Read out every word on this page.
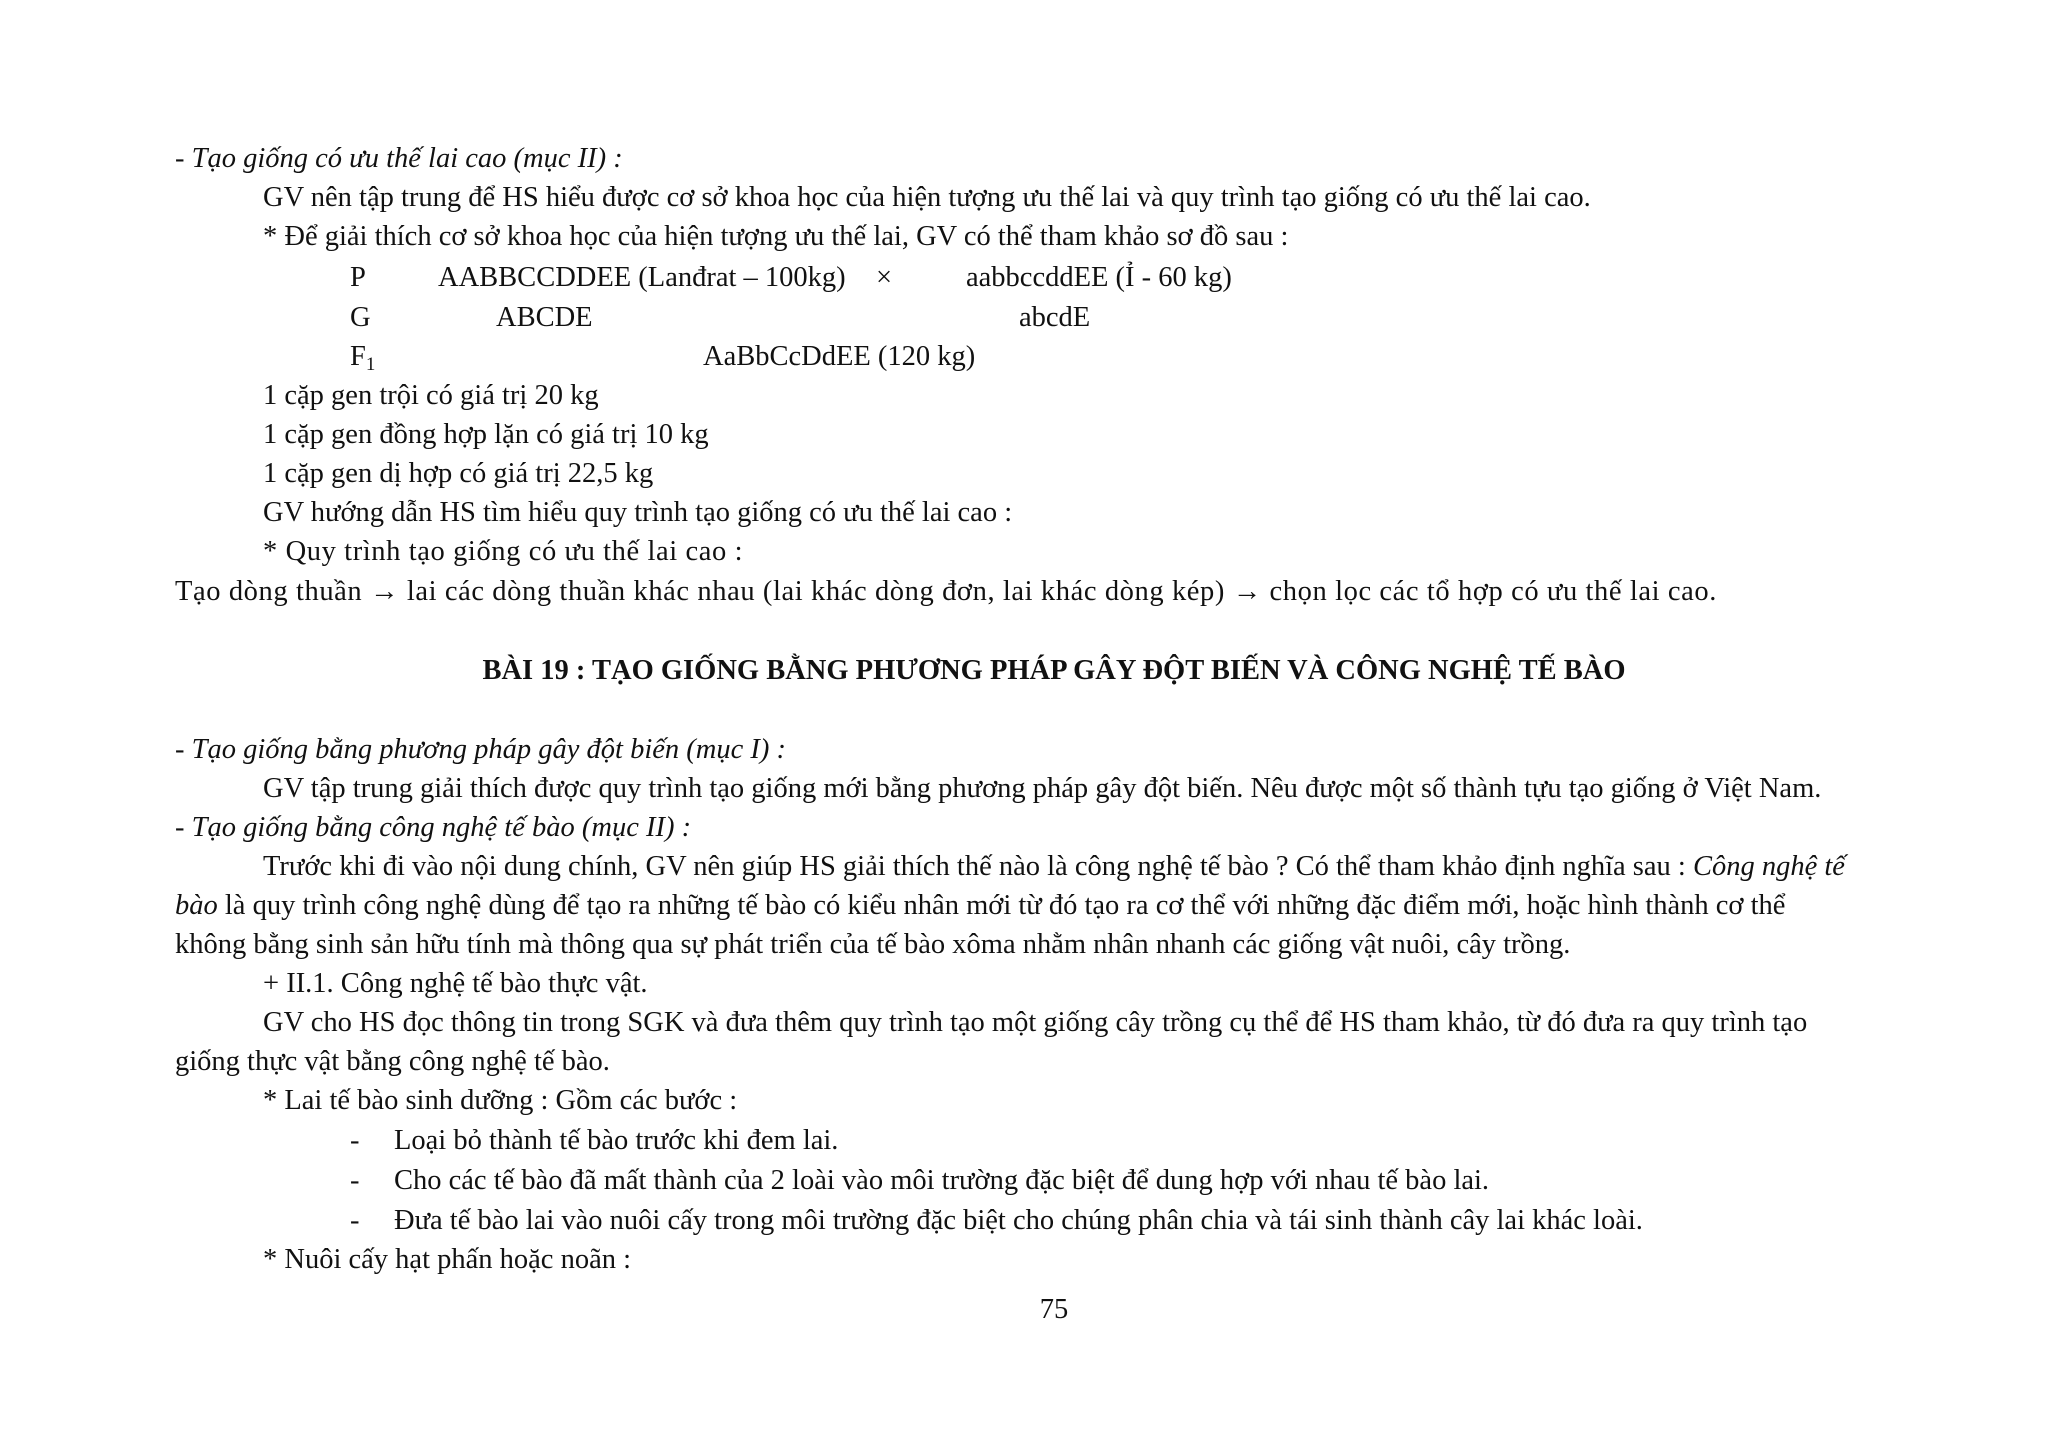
- Tạo giống có ưu thế lai cao (mục II) :
GV nên tập trung để HS hiểu được cơ sở khoa học của hiện tượng ưu thế lai và quy trình tạo giống có ưu thế lai cao.
* Để giải thích cơ sở khoa học của hiện tượng ưu thế lai, GV có thể tham khảo sơ đồ sau :
P	AABBCCDDEE (Lanđrat – 100kg) ×	aabbccddEE (Ỉ - 60 kg)
G	ABCDE	abcdE
F1	AaBbCcDdEE (120 kg)
1 cặp gen trội có giá trị 20 kg
1 cặp gen đồng hợp lặn có giá trị 10 kg
1 cặp gen dị hợp có giá trị 22,5 kg
GV hướng dẫn HS tìm hiểu quy trình tạo giống có ưu thế lai cao :
* Quy trình tạo giống có ưu thế lai cao :
Tạo dòng thuần → lai các dòng thuần khác nhau (lai khác dòng đơn, lai khác dòng kép) → chọn lọc các tổ hợp có ưu thế lai cao.
BÀI 19 : TẠO GIỐNG BẰNG PHƯƠNG PHÁP GÂY ĐỘT BIẾN VÀ CÔNG NGHỆ TẾ BÀO
- Tạo giống bằng phương pháp gây đột biến (mục I) :
GV tập trung giải thích được quy trình tạo giống mới bằng phương pháp gây đột biến. Nêu được một số thành tựu tạo giống ở Việt Nam.
- Tạo giống bằng công nghệ tế bào (mục II) :
Trước khi đi vào nội dung chính, GV nên giúp HS giải thích thế nào là công nghệ tế bào ? Có thể tham khảo định nghĩa sau : Công nghệ tế
bào là quy trình công nghệ dùng để tạo ra những tế bào có kiểu nhân mới từ đó tạo ra cơ thể với những đặc điểm mới, hoặc hình thành cơ thể
không bằng sinh sản hữu tính mà thông qua sự phát triển của tế bào xôma nhằm nhân nhanh các giống vật nuôi, cây trồng.
+ II.1. Công nghệ tế bào thực vật.
GV cho HS đọc thông tin trong SGK và đưa thêm quy trình tạo một giống cây trồng cụ thể để HS tham khảo, từ đó đưa ra quy trình tạo
giống thực vật bằng công nghệ tế bào.
* Lai tế bào sinh dưỡng : Gồm các bước :
- Loại bỏ thành tế bào trước khi đem lai.
- Cho các tế bào đã mất thành của 2 loài vào môi trường đặc biệt để dung hợp với nhau tế bào lai.
- Đưa tế bào lai vào nuôi cấy trong môi trường đặc biệt cho chúng phân chia và tái sinh thành cây lai khác loài.
* Nuôi cấy hạt phấn hoặc noãn :
75
